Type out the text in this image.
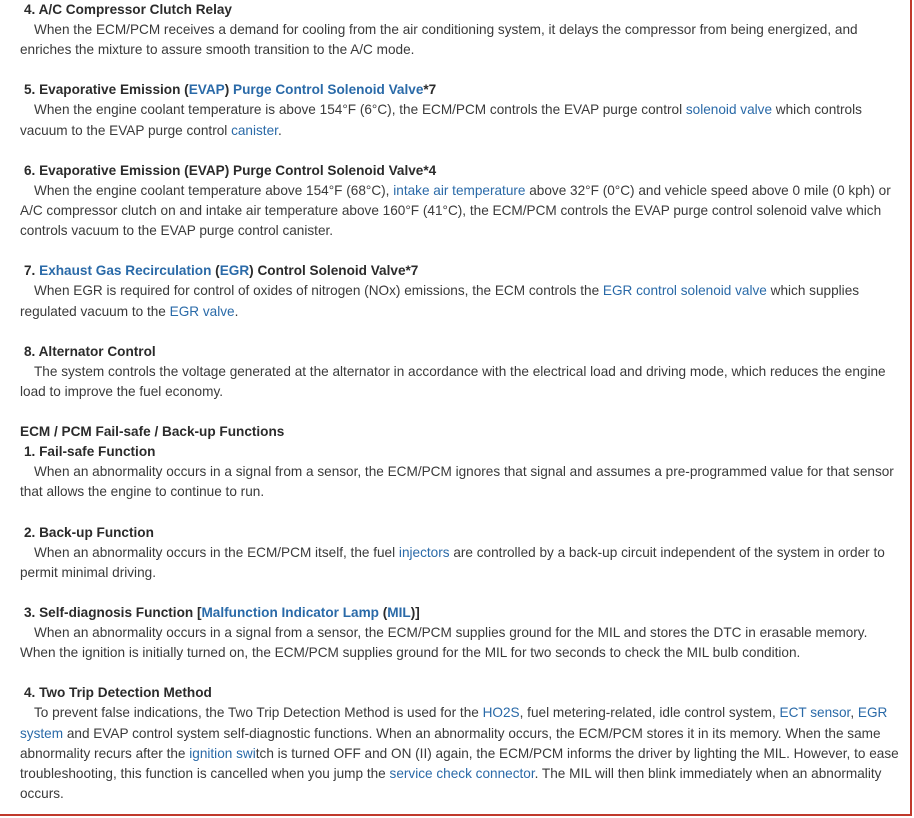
4. A/C Compressor Clutch Relay

When the ECM/PCM receives a demand for cooling from the air conditioning system, it delays the compressor from being energized, and enriches the mixture to assure smooth transition to the A/C mode.

5. Evaporative Emission (EVAP) Purge Control Solenoid Valve*7

When the engine coolant temperature is above 154°F (6°C), the ECM/PCM controls the EVAP purge control solenoid valve which controls vacuum to the EVAP purge control canister.

6. Evaporative Emission (EVAP) Purge Control Solenoid Valve*4

When the engine coolant temperature above 154°F (68°C), intake air temperature above 32°F (0°C) and vehicle speed above 0 mile (0 kph) or A/C compressor clutch on and intake air temperature above 160°F (41°C), the ECM/PCM controls the EVAP purge control solenoid valve which controls vacuum to the EVAP purge control canister.

7. Exhaust Gas Recirculation (EGR) Control Solenoid Valve*7

When EGR is required for control of oxides of nitrogen (NOx) emissions, the ECM controls the EGR control solenoid valve which supplies regulated vacuum to the EGR valve.

8. Alternator Control

The system controls the voltage generated at the alternator in accordance with the electrical load and driving mode, which reduces the engine load to improve the fuel economy.

ECM / PCM Fail-safe / Back-up Functions
1. Fail-safe Function

When an abnormality occurs in a signal from a sensor, the ECM/PCM ignores that signal and assumes a pre-programmed value for that sensor that allows the engine to continue to run.

2. Back-up Function

When an abnormality occurs in the ECM/PCM itself, the fuel injectors are controlled by a back-up circuit independent of the system in order to permit minimal driving.

3. Self-diagnosis Function [Malfunction Indicator Lamp (MIL)]

When an abnormality occurs in a signal from a sensor, the ECM/PCM supplies ground for the MIL and stores the DTC in erasable memory. When the ignition is initially turned on, the ECM/PCM supplies ground for the MIL for two seconds to check the MIL bulb condition.

4. Two Trip Detection Method

To prevent false indications, the Two Trip Detection Method is used for the HO2S, fuel metering-related, idle control system, ECT sensor, EGR system and EVAP control system self-diagnostic functions. When an abnormality occurs, the ECM/PCM stores it in its memory. When the same abnormality recurs after the ignition switch is turned OFF and ON (II) again, the ECM/PCM informs the driver by lighting the MIL. However, to ease troubleshooting, this function is cancelled when you jump the service check connector. The MIL will then blink immediately when an abnormality occurs.
